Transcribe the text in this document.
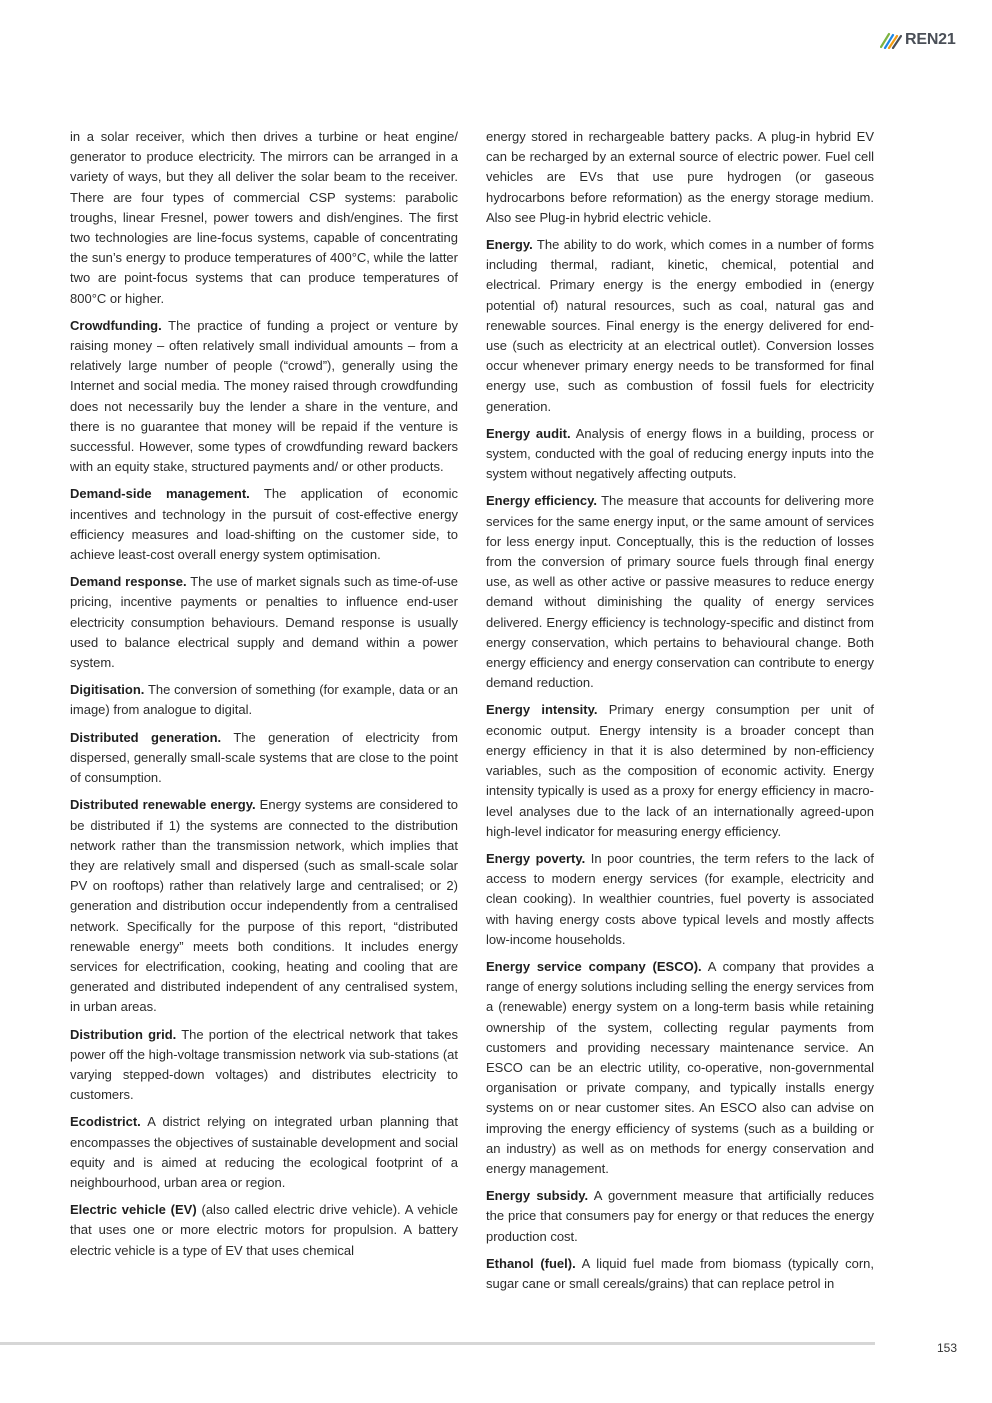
REN21

in a solar receiver, which then drives a turbine or heat engine/ generator to produce electricity. The mirrors can be arranged in a variety of ways, but they all deliver the solar beam to the receiver. There are four types of commercial CSP systems: parabolic troughs, linear Fresnel, power towers and dish/engines. The first two technologies are line-focus systems, capable of concentrating the sun’s energy to produce temperatures of 400°C, while the latter two are point-focus systems that can produce temperatures of 800°C or higher.

Crowdfunding. The practice of funding a project or venture by raising money – often relatively small individual amounts – from a relatively large number of people (“crowd”), generally using the Internet and social media. The money raised through crowdfunding does not necessarily buy the lender a share in the venture, and there is no guarantee that money will be repaid if the venture is successful. However, some types of crowdfunding reward backers with an equity stake, structured payments and/ or other products.

Demand-side management. The application of economic incentives and technology in the pursuit of cost-effective energy efficiency measures and load-shifting on the customer side, to achieve least-cost overall energy system optimisation.

Demand response. The use of market signals such as time-of-use pricing, incentive payments or penalties to influence end-user electricity consumption behaviours. Demand response is usually used to balance electrical supply and demand within a power system.

Digitisation. The conversion of something (for example, data or an image) from analogue to digital.

Distributed generation. The generation of electricity from dispersed, generally small-scale systems that are close to the point of consumption.

Distributed renewable energy. Energy systems are considered to be distributed if 1) the systems are connected to the distribution network rather than the transmission network, which implies that they are relatively small and dispersed (such as small-scale solar PV on rooftops) rather than relatively large and centralised; or 2) generation and distribution occur independently from a centralised network. Specifically for the purpose of this report, “distributed renewable energy” meets both conditions. It includes energy services for electrification, cooking, heating and cooling that are generated and distributed independent of any centralised system, in urban areas.

Distribution grid. The portion of the electrical network that takes power off the high-voltage transmission network via sub-stations (at varying stepped-down voltages) and distributes electricity to customers.

Ecodistrict. A district relying on integrated urban planning that encompasses the objectives of sustainable development and social equity and is aimed at reducing the ecological footprint of a neighbourhood, urban area or region.

Electric vehicle (EV) (also called electric drive vehicle). A vehicle that uses one or more electric motors for propulsion. A battery electric vehicle is a type of EV that uses chemical

energy stored in rechargeable battery packs. A plug-in hybrid EV can be recharged by an external source of electric power. Fuel cell vehicles are EVs that use pure hydrogen (or gaseous hydrocarbons before reformation) as the energy storage medium. Also see Plug-in hybrid electric vehicle.

Energy. The ability to do work, which comes in a number of forms including thermal, radiant, kinetic, chemical, potential and electrical. Primary energy is the energy embodied in (energy potential of) natural resources, such as coal, natural gas and renewable sources. Final energy is the energy delivered for end-use (such as electricity at an electrical outlet). Conversion losses occur whenever primary energy needs to be transformed for final energy use, such as combustion of fossil fuels for electricity generation.

Energy audit. Analysis of energy flows in a building, process or system, conducted with the goal of reducing energy inputs into the system without negatively affecting outputs.

Energy efficiency. The measure that accounts for delivering more services for the same energy input, or the same amount of services for less energy input. Conceptually, this is the reduction of losses from the conversion of primary source fuels through final energy use, as well as other active or passive measures to reduce energy demand without diminishing the quality of energy services delivered. Energy efficiency is technology-specific and distinct from energy conservation, which pertains to behavioural change. Both energy efficiency and energy conservation can contribute to energy demand reduction.

Energy intensity. Primary energy consumption per unit of economic output. Energy intensity is a broader concept than energy efficiency in that it is also determined by non-efficiency variables, such as the composition of economic activity. Energy intensity typically is used as a proxy for energy efficiency in macro-level analyses due to the lack of an internationally agreed-upon high-level indicator for measuring energy efficiency.

Energy poverty. In poor countries, the term refers to the lack of access to modern energy services (for example, electricity and clean cooking). In wealthier countries, fuel poverty is associated with having energy costs above typical levels and mostly affects low-income households.

Energy service company (ESCO). A company that provides a range of energy solutions including selling the energy services from a (renewable) energy system on a long-term basis while retaining ownership of the system, collecting regular payments from customers and providing necessary maintenance service. An ESCO can be an electric utility, co-operative, non-governmental organisation or private company, and typically installs energy systems on or near customer sites. An ESCO also can advise on improving the energy efficiency of systems (such as a building or an industry) as well as on methods for energy conservation and energy management.

Energy subsidy. A government measure that artificially reduces the price that consumers pay for energy or that reduces the energy production cost.

Ethanol (fuel). A liquid fuel made from biomass (typically corn, sugar cane or small cereals/grains) that can replace petrol in

153
